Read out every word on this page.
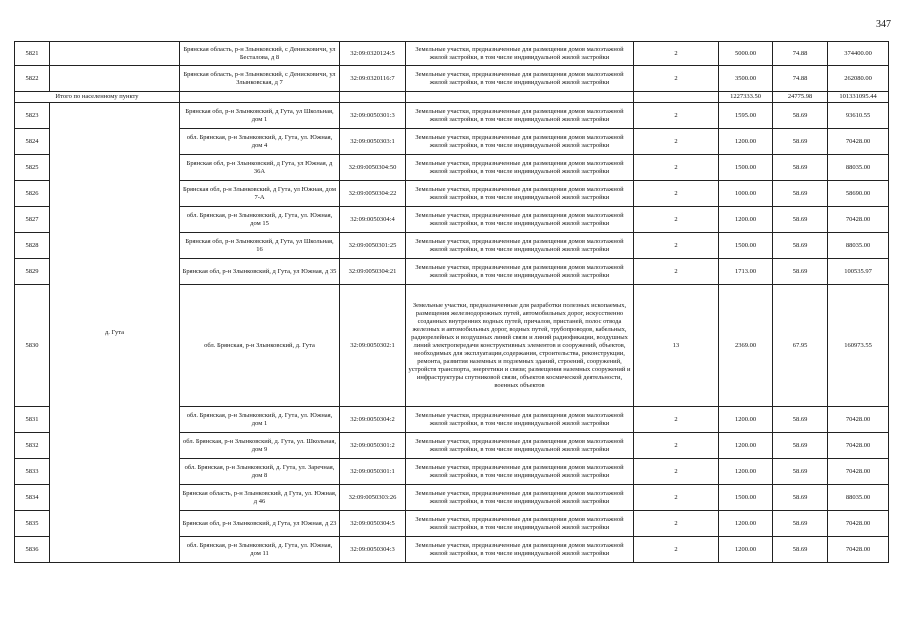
347
5821		Брянская область, р-н Злынковский, с Денисковичи, ул Бесталова, д 8	32:09:0320124:5	Земельные участки, предназначенные для размещения домов малоэтажной жилой застройки, в том числе индивидуальной жилой застройки	2	5000.00	74.88	374400.00
5822		Брянская область, р-н Злынковский, с Денисковичи, ул Злынковская, д 7	32:09:0320116:7	Земельные участки, предназначенные для размещения домов малоэтажной жилой застройки, в том числе индивидуальной жилой застройки	2	3500.00	74.88	262080.00
Итого по населенному пункту						1227333.50	24775.98	101331095.44
5823	д. Гута	Брянская обл, р-н Злынковский, д Гута, ул Школьная, дом 1	32:09:0050301:3	Земельные участки, предназначенные для размещения домов малоэтажной жилой застройки, в том числе индивидуальной жилой застройки	2	1595.00	58.69	93610.55
5824		обл. Брянская, р-н Злынковский, д. Гута, ул. Южная, дом 4	32:09:0050303:1	Земельные участки, предназначенные для размещения домов малоэтажной жилой застройки, в том числе индивидуальной жилой застройки	2	1200.00	58.69	70428.00
5825		Брянская обл, р-н Злынковский, д Гута, ул Южная, д 36А	32:09:0050304:50	Земельные участки, предназначенные для размещения домов малоэтажной жилой застройки, в том числе индивидуальной жилой застройки	2	1500.00	58.69	88035.00
5826		Брянская обл, р-н Злынковский, д Гута, ул Южная, дом 7-А	32:09:0050304:22	Земельные участки, предназначенные для размещения домов малоэтажной жилой застройки, в том числе индивидуальной жилой застройки	2	1000.00	58.69	58690.00
5827		обл. Брянская, р-н Злынковский, д. Гута, ул. Южная, дом 15	32:09:0050304:4	Земельные участки, предназначенные для размещения домов малоэтажной жилой застройки, в том числе индивидуальной жилой застройки	2	1200.00	58.69	70428.00
5828		Брянская обл, р-н Злынковский, д Гута, ул Школьная, 16	32:09:0050301:25	Земельные участки, предназначенные для размещения домов малоэтажной жилой застройки, в том числе индивидуальной жилой застройки	2	1500.00	58.69	88035.00
5829		Брянская обл, р-н Злынковский, д Гута, ул Южная, д 35	32:09:0050304:21	Земельные участки, предназначенные для размещения домов малоэтажной жилой застройки, в том числе индивидуальной жилой застройки	2	1713.00	58.69	100535.97
5830		обл. Брянская, р-н Злынковский, д. Гута	32:09:0050302:1	Земельные участки, предназначенные для разработки полезных ископаемых, размещения железнодорожных путей, автомобильных дорог, искусственно созданных внутренних водных путей, причалов, пристаней, полос отвода железных и автомобильных дорог, водных путей, трубопроводов, кабельных, радиорелейных и воздушных линий связи и линий радиофикации, воздушных линий электропередачи конструктивных элементов и сооружений, объектов, необходимых для эксплуатации,содержания, строительства, реконструкции, ремонта, развития наземных и подземных зданий, строений, сооружений, устройств транспорта, энергетики и связи; размещения наземных сооружений и инфраструктуры спутниковой связи, объектов космической деятельности, военных объектов	13	2369.00	67.95	160973.55
5831		обл. Брянская, р-н Злынковский, д. Гута, ул. Южная, дом 1	32:09:0050304:2	Земельные участки, предназначенные для размещения домов малоэтажной жилой застройки, в том числе индивидуальной жилой застройки	2	1200.00	58.69	70428.00
5832		обл. Брянская, р-н Злынковский, д. Гута, ул. Школьная, дом 9	32:09:0050301:2	Земельные участки, предназначенные для размещения домов малоэтажной жилой застройки, в том числе индивидуальной жилой застройки	2	1200.00	58.69	70428.00
5833		обл. Брянская, р-н Злынковский, д. Гута, ул. Заречная, дом 8	32:09:0050301:1	Земельные участки, предназначенные для размещения домов малоэтажной жилой застройки, в том числе индивидуальной жилой застройки	2	1200.00	58.69	70428.00
5834		Брянская область, р-н Злынковский, д Гута, ул. Южная, д 46	32:09:0050303:26	Земельные участки, предназначенные для размещения домов малоэтажной жилой застройки, в том числе индивидуальной жилой застройки	2	1500.00	58.69	88035.00
5835		Брянская обл, р-н Злынковский, д Гута, ул Южная, д 23	32:09:0050304:5	Земельные участки, предназначенные для размещения домов малоэтажной жилой застройки, в том числе индивидуальной жилой застройки	2	1200.00	58.69	70428.00
5836		обл. Брянская, р-н Злынковский, д. Гута, ул. Южная, дом 11	32:09:0050304:3	Земельные участки, предназначенные для размещения домов малоэтажной жилой застройки, в том числе индивидуальной жилой застройки	2	1200.00	58.69	70428.00
